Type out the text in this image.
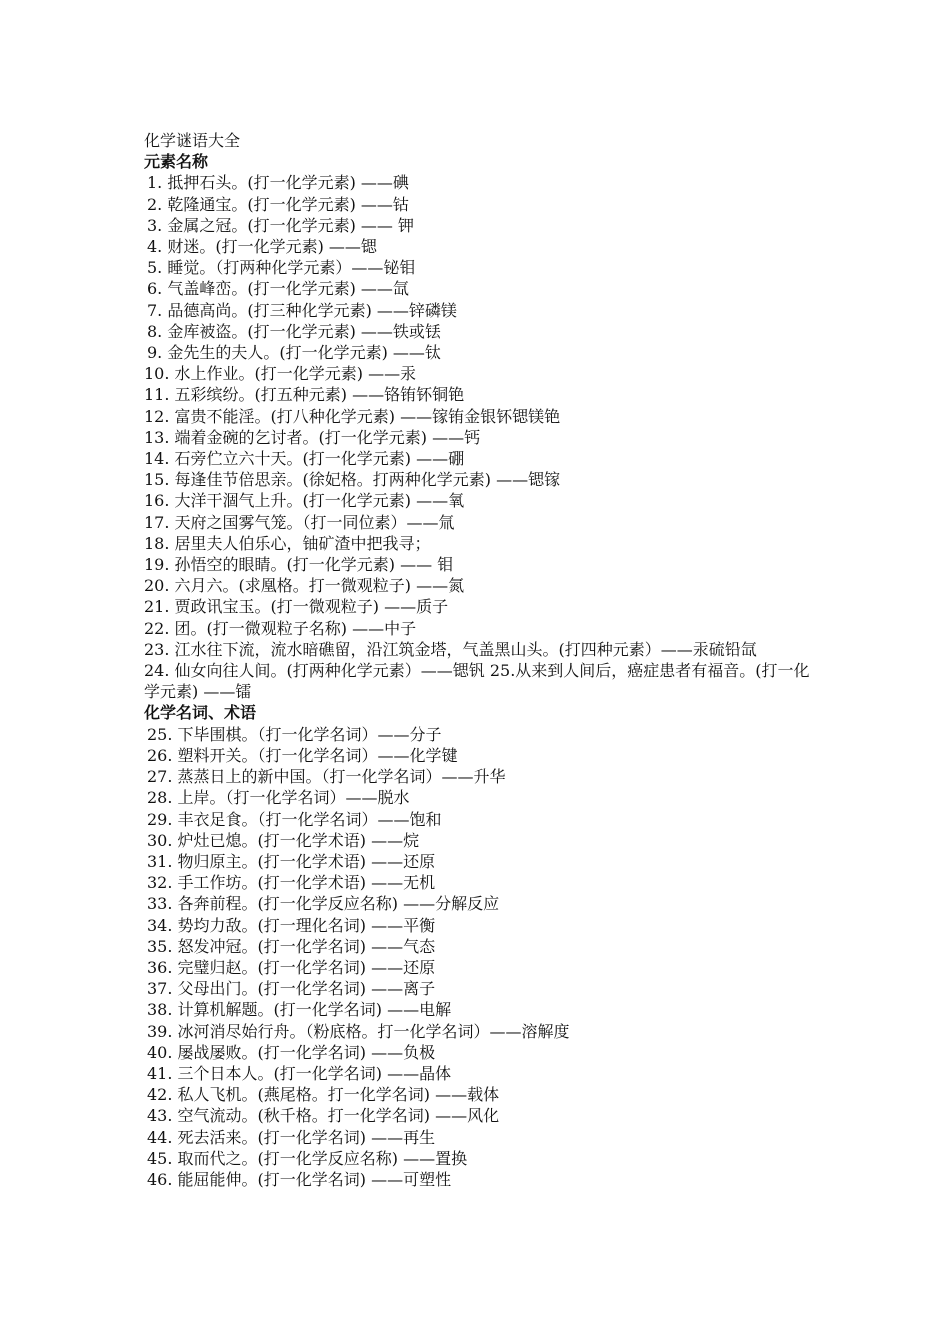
化学谜语大全
元素名称
1. 抵押石头。(打一化学元素) ——碘
2. 乾隆通宝。(打一化学元素) ——钴
3. 金属之冠。(打一化学元素) —— 钾
4. 财迷。(打一化学元素) ——锶
5. 睡觉。（打两种化学元素）——铋钼
6. 气盖峰峦。(打一化学元素) ——氙
7. 品德高尚。(打三种化学元素) ——锌磷镁
8. 金库被盗。(打一化学元素) ——铁或铥
9. 金先生的夫人。(打一化学元素) ——钛
10. 水上作业。(打一化学元素) ——汞
11. 五彩缤纷。(打五种元素) ——铬铕钚铜铯
12. 富贵不能淫。(打八种化学元素) ——镓铕金银钚锶镁铯
13. 端着金碗的乞讨者。(打一化学元素) ——钙
14. 石旁伫立六十天。(打一化学元素) ——硼
15. 每逢佳节倍思亲。(徐妃格。打两种化学元素) ——锶镓
16. 大洋干涸气上升。(打一化学元素) ——氧
17. 天府之国雾气笼。（打一同位素）——氚
18. 居里夫人伯乐心，铀矿渣中把我寻；
19. 孙悟空的眼睛。(打一化学元素) —— 钼
20. 六月六。(求凰格。打一微观粒子) ——氮
21. 贾政讯宝玉。(打一微观粒子) ——质子
22. 团。(打一微观粒子名称) ——中子
23. 江水往下流，流水暗礁留，沿江筑金塔，气盖黑山头。(打四种元素）——汞硫铅氙
24. 仙女向往人间。(打两种化学元素）——锶钒 25.从来到人间后，癌症患者有福音。(打一化学元素) ——镭
化学名词、术语
25. 下毕围棋。（打一化学名词）——分子
26. 塑料开关。（打一化学名词）——化学键
27. 蒸蒸日上的新中国。（打一化学名词）——升华
28. 上岸。（打一化学名词）——脱水
29. 丰衣足食。（打一化学名词）——饱和
30. 炉灶已熄。(打一化学术语) ——烷
31. 物归原主。(打一化学术语) ——还原
32. 手工作坊。(打一化学术语) ——无机
33. 各奔前程。(打一化学反应名称) ——分解反应
34. 势均力敌。(打一理化名词) ——平衡
35. 怒发冲冠。(打一化学名词) ——气态
36. 完璧归赵。(打一化学名词) ——还原
37. 父母出门。(打一化学名词) ——离子
38. 计算机解题。(打一化学名词) ——电解
39. 冰河消尽始行舟。（粉底格。打一化学名词）——溶解度
40. 屡战屡败。(打一化学名词) ——负极
41. 三个日本人。(打一化学名词) ——晶体
42. 私人飞机。(燕尾格。打一化学名词) ——载体
43. 空气流动。(秋千格。打一化学名词) ——风化
44. 死去活来。(打一化学名词) ——再生
45. 取而代之。(打一化学反应名称) ——置换
46. 能屈能伸。(打一化学名词) ——可塑性
